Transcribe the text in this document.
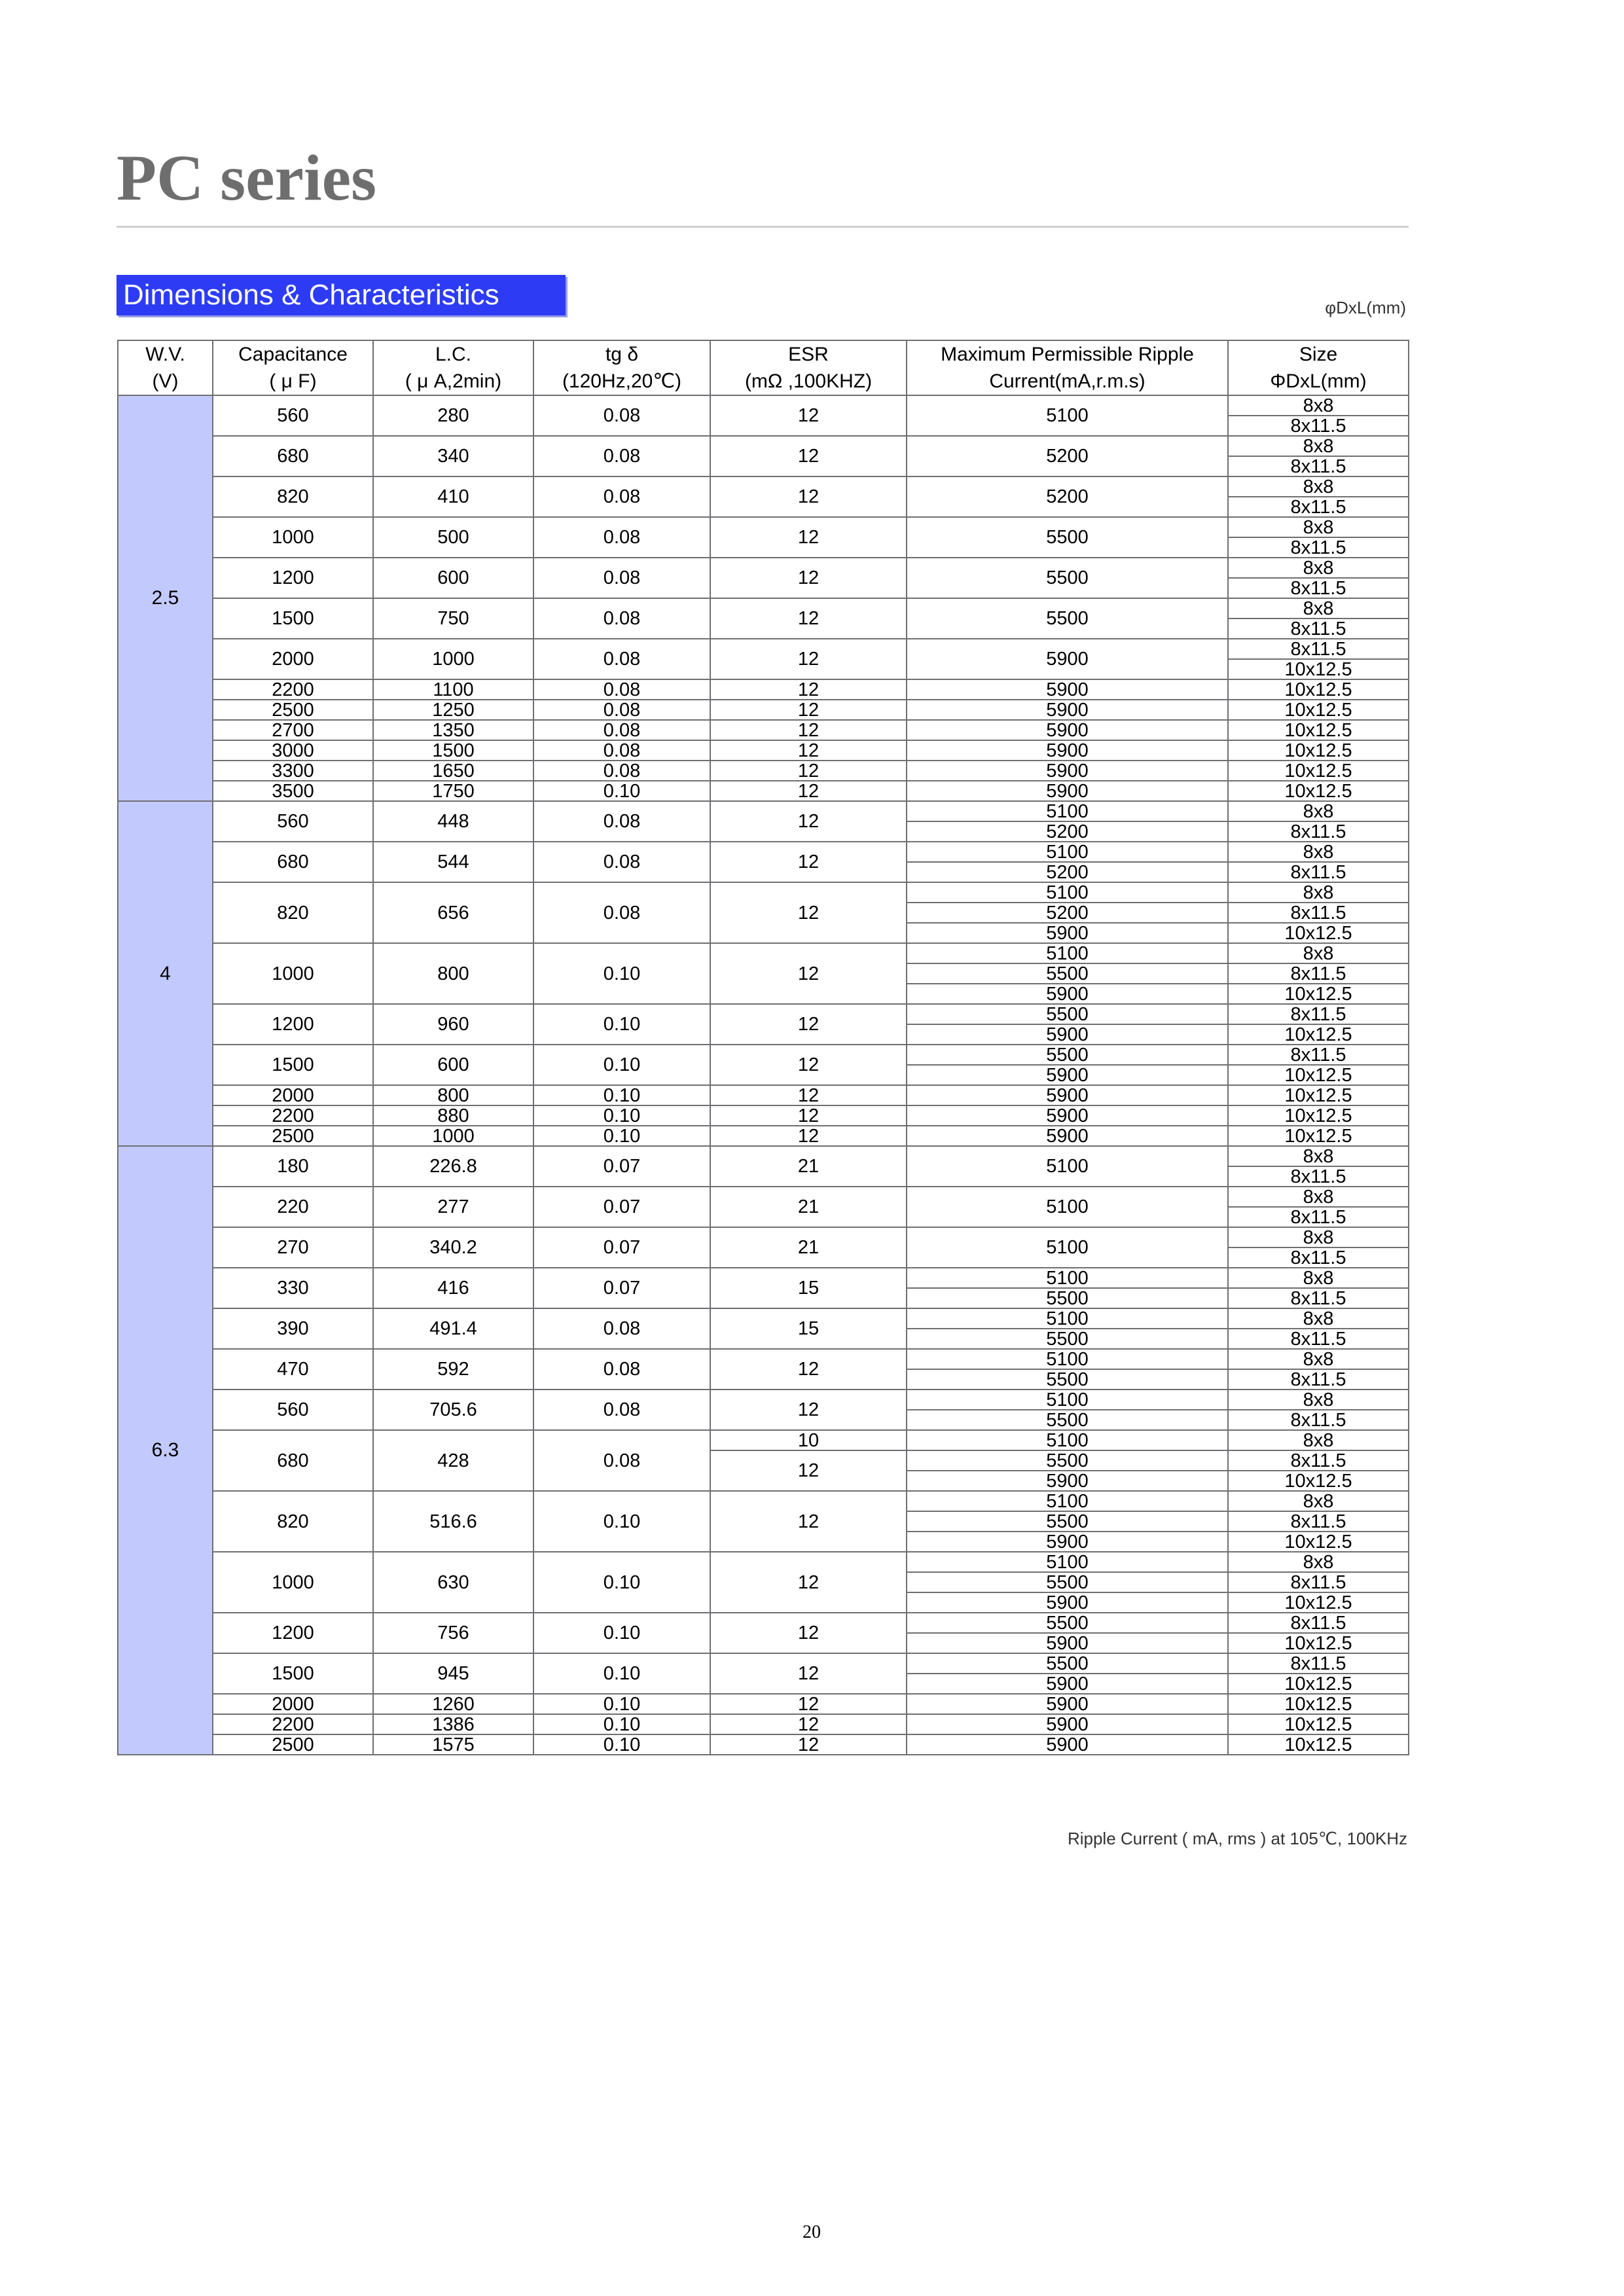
PC series
Dimensions & Characteristics	φDxL(mm)
W.V.	Capacitance	L.C.	tg δ	ESR	Maximum Permissible Ripple	Size
(V)	( μ F)	( μ A,2min)	(120Hz,20℃)	(mΩ ,100KHZ)	Current(mA,r.m.s)	ΦDxL(mm)
2.5	560	280	0.08	12	5100	8x8
						8x11.5
	680	340	0.08	12	5200	8x8
						8x11.5
	820	410	0.08	12	5200	8x8
						8x11.5
	1000	500	0.08	12	5500	8x8
						8x11.5
	1200	600	0.08	12	5500	8x8
						8x11.5
	1500	750	0.08	12	5500	8x8
						8x11.5
	2000	1000	0.08	12	5900	8x11.5
						10x12.5
	2200	1100	0.08	12	5900	10x12.5
	2500	1250	0.08	12	5900	10x12.5
	2700	1350	0.08	12	5900	10x12.5
	3000	1500	0.08	12	5900	10x12.5
	3300	1650	0.08	12	5900	10x12.5
	3500	1750	0.10	12	5900	10x12.5
4	560	448	0.08	12	5100	8x8
					5200	8x11.5
	680	544	0.08	12	5100	8x8
					5200	8x11.5
	820	656	0.08	12	5100	8x8
					5200	8x11.5
					5900	10x12.5
	1000	800	0.10	12	5100	8x8
					5500	8x11.5
					5900	10x12.5
	1200	960	0.10	12	5500	8x11.5
					5900	10x12.5
	1500	600	0.10	12	5500	8x11.5
					5900	10x12.5
	2000	800	0.10	12	5900	10x12.5
	2200	880	0.10	12	5900	10x12.5
	2500	1000	0.10	12	5900	10x12.5
6.3	180	226.8	0.07	21	5100	8x8
						8x11.5
	220	277	0.07	21	5100	8x8
						8x11.5
	270	340.2	0.07	21	5100	8x8
						8x11.5
	330	416	0.07	15	5100	8x8
					5500	8x11.5
	390	491.4	0.08	15	5100	8x8
					5500	8x11.5
	470	592	0.08	12	5100	8x8
					5500	8x11.5
	560	705.6	0.08	12	5100	8x8
					5500	8x11.5
	680	428	0.08	10	5100	8x8
				12	5500	8x11.5
					5900	10x12.5
	820	516.6	0.10	12	5100	8x8
					5500	8x11.5
					5900	10x12.5
	1000	630	0.10	12	5100	8x8
					5500	8x11.5
					5900	10x12.5
	1200	756	0.10	12	5500	8x11.5
					5900	10x12.5
	1500	945	0.10	12	5500	8x11.5
					5900	10x12.5
	2000	1260	0.10	12	5900	10x12.5
	2200	1386	0.10	12	5900	10x12.5
	2500	1575	0.10	12	5900	10x12.5
Ripple Current ( mA, rms ) at 105℃, 100KHz
20
